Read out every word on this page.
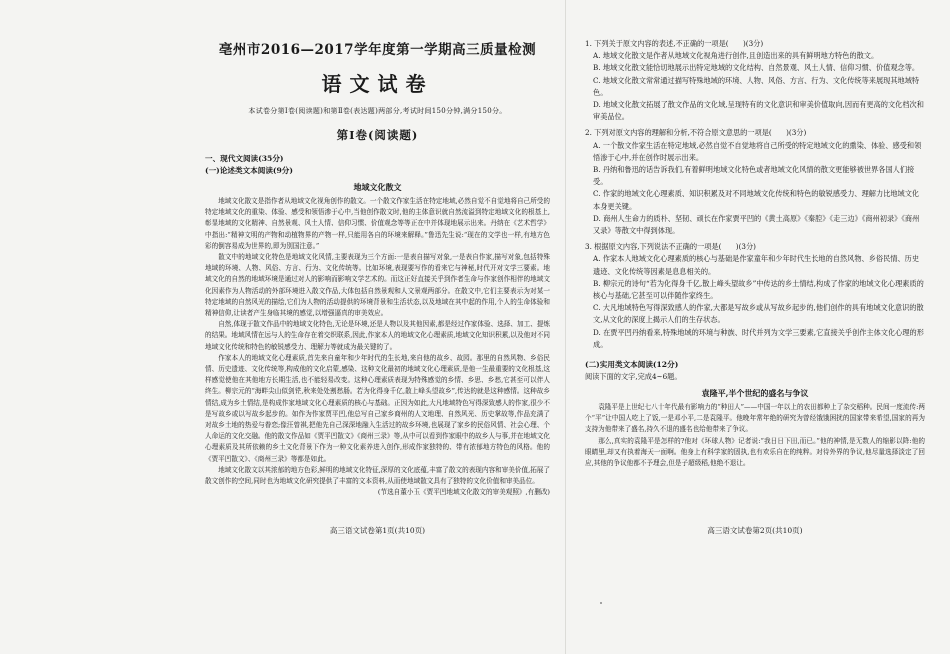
亳州市2016—2017学年度第一学期高三质量检测
语文试卷
本试卷分第Ⅰ卷(阅读题)和第Ⅱ卷(表达题)两部分,考试时间150分钟,满分150分。
第Ⅰ卷(阅读题)
一、现代文阅读(35分)
(一)论述类文本阅读(9分)
地域文化散文

地域文化散文是指作者从地域文化视角创作的散文。一个散文作家生活在特定地域,必然自觉不自觉地将自己所受的特定地域文化的重染、体验、感受和领悟渗于心中,当他创作散文时,他的主体意识就自然流溢到特定地域文化的根基上,彰显地域的文化精神、自然景观、风土人情、信仰习惯、价值观念等等正在中并体现地展示出来。丹纳在《艺术哲学》中指出:“精神文明的产物和动植物界的产物一样,只能用各自的环境来解释。”鲁迅先生说:“现在的文学也一样,有地方色彩的倒容易成为世界的,即为别国注意。”

散文中的地域文化特色是地域文化风情,主要表现为三个方面:一是表自描写对象,一是表自作家,描写对象,包括特殊地域的环境、人物、风俗、方言、行为、文化传统等。比如环境,表现要写作的看来它与神秘,时代开对文学三要素。地域文化的自然的地域环境是通过对人的影响而影响文学艺术的。而这正好直接关乎到作者生命与作家创作相伴的地域文化因素作为人物活动的外部环境进入散文作品,大体包括自然景观和人文景观两部分。在散文中,它们主要表示为对某一特定地域的自然风光的描绘,它们为人物的活动提供的环境背景和生活状态,以及地域在其中起的作用,个人的生命体验和精神信仰,让读者产生身临其境的感觉,以增强逼真的审美效应。

自然,体现于散文作品中的地域文化特色,无论是环境,还是人物以及其他因素,都是经过作家体验、选择、加工、提炼的结果。地域风情在远与人的生命存在着交织联系,因此,作家本人的地域文化心理素质,地域文化知识积累,以及他对不同地域文化传统和特色的敏锐感受力、理解力等就成为最关键的了。

作家本人的地域文化心理素质,首先来自童年和少年时代的生长地,来自他的故乡、故园。那里的自然风物、乡俗民情、历史遗迹、文化传统等,构成他的文化启蒙,感染、这种文化最初的地域文化心理素质,是他一生最重要的文化根基,这样感觉使他在其他地方长期生活,也不能轻易改变。这种心理素质表现为特殊感觉的乡情、乡思、乡愁,它甚至可以伴人终生。柳宗元的“海畔尖山似剑铓,秋来处处割愁肠。若为化得身千亿,散上峰头望故乡”,传达的就是这种感情。这种故乡情结,成为乡土情结,是构成作家地域文化心理素质的核心与基础。正因为如此,大凡地域特色写得深致感人的作家,很少不是写故乡或以写故乡起步的。如作为作家贾平凹,他总写自己家乡商州的人文地理、自然风光、历史掌故等,作品充满了对故乡土地的热爱与眷恋;像汪曾祺,把他先自己深深地融入生活过的故乡环境,也展现了家乡的民俗风情、社会心理、个人命运的文化交融。他的散文作品如《贾平凹散文》《商州三录》等,从中可以看到作家眼中的故乡人与事,并在地域文化心理素质及其所依赖的乡土文化背景下作为一种文化素养进入创作,形成作家独特的、带有浓郁地方特色的风格。他的《贾平凹散文》、《商州三录》等都是如此。

地域文化散文以其浓郁的地方色彩,鲜明的地域文化特征,深厚的文化底蕴,丰富了散文的表现内容和审美价值,拓展了散文创作的空间,同时也为地域文化研究提供了丰富的文本资料,从而使地域散文具有了独特的文化价值和审美品位。

(节选自董小玉《贾平凹地域文化散文的审美观照》,有删改)
高三语文试卷第1页(共10页)
1. 下列关于原文内容的表述,不正确的一项是(　　)(3分)
A. 地域文化散文是作者从地域文化视角进行创作,且创造出来的具有鲜明地方特色的散文。
B. 地域文化散文能恰切地展示出特定地域的文化结构、自然景观、风土人情、信仰习惯、价值观念等。
C. 地域文化散文常常通过描写特殊地域的环境、人物、风俗、方言、行为、文化传统等来展现其地域特色。
D. 地域文化散文拓展了散文作品的文化域,呈现特有的文化意识和审美价值取向,因而有更高的文化档次和审美品位。
2. 下列对原文内容的理解和分析,不符合原文意思的一项是(　　)(3分)
A. 一个散文作家生活在特定地域,必然自觉不自觉地将自己所受的特定地域文化的熏染、体验、感受和领悟渗于心中,并在创作时展示出来。
B. 丹纳和鲁迅的话告诉我们,有着鲜明地域文化特色或者地域文化风情的散文更能够被世界各国人们接受。
C. 作家的地域文化心理素质、知识积累及对不同地域文化传统和特色的敏锐感受力、理解力比地域文化本身更关键。
D. 商州人生命力的质朴、坚韧、顽长在作家贾平凹的《黄土高原》《秦腔》《走三边》《商州初录》《商州又录》等散文中得到体现。
3. 根据原文内容,下列说法不正确的一项是(　　)(3分)
A. 作家本人地域文化心理素质的核心与基础是作家童年和少年时代生长地的自然风物、乡俗民情、历史遗迹、文化传统等因素是息息相关的。
B. 柳宗元的诗句“若为化得身千亿,散上峰头望故乡”中传达的乡土情结,构成了作家的地域文化心理素质的核心与基础,它甚至可以伴随作家终生。
C. 大凡地域特色写得深致感人的作家,大都是写故乡或从写故乡起步的,他们创作的具有地域文化意识的散文,从文化的深度上揭示人们的生存状态。
D. 在贾平凹丹纳看来,特殊地域的环境与种族、时代并列为文学三要素,它直接关乎创作主体文化心理的形成。
(二)实用类文本阅读(12分)
阅读下面的文字,完成4~6题。
袁隆平,半个世纪的盛名与争议

袁隆平是上世纪七八十年代最有影响力的“种田人”——中国一年以上的农田都种上了杂交稻种。民间一度流传:两个“平”让中国人吃上了饭,一是邓小平,二是袁隆平。他晚年常年绝的研究为曾经饿饿困扰的国家带来希望,国家的再为支持为他带来了盛名,持久不退的盛名也给他带来了争议。

那么,真实的袁隆平是怎样的?他对《环球人物》记者说:“我日日下田,而已。”他的神情,是无数人的缩影以降:他的眼睛里,却又有执着海天一面啊。他身上有科学家的固执,也有欢乐自在的纯粹。对待外界的争议,他尽量选择淡定了回应,其他的争议他都不予理会,但是子超级稻,他绝不退让。

高三语文试卷第2页(共10页)
